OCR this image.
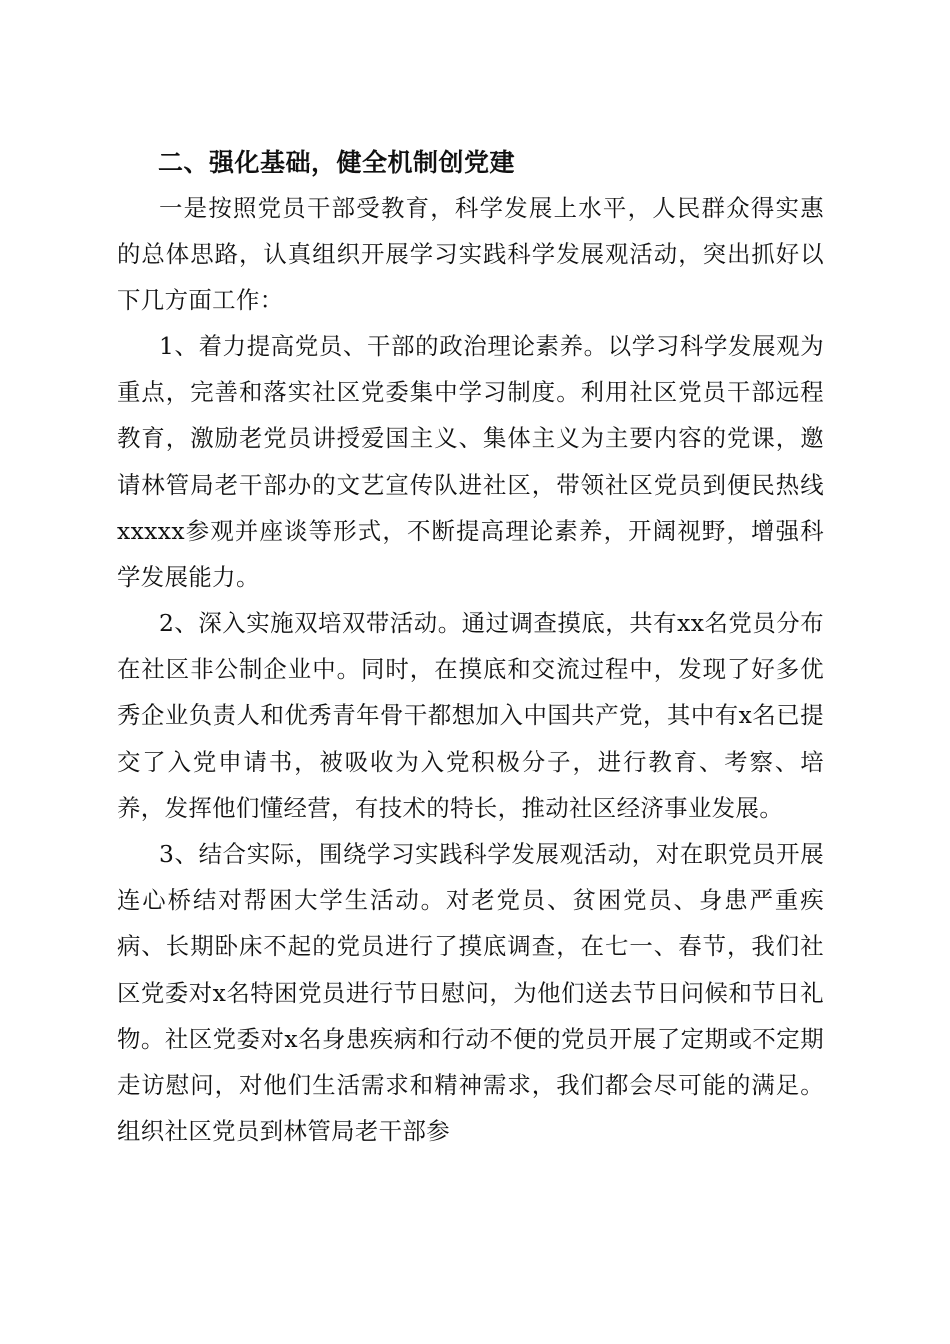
二、强化基础，健全机制创党建

一是按照党员干部受教育，科学发展上水平，人民群众得实惠的总体思路，认真组织开展学习实践科学发展观活动，突出抓好以下几方面工作：

1、着力提高党员、干部的政治理论素养。以学习科学发展观为重点，完善和落实社区党委集中学习制度。利用社区党员干部远程教育，激励老党员讲授爱国主义、集体主义为主要内容的党课，邀请林管局老干部办的文艺宣传队进社区，带领社区党员到便民热线xxxxx参观并座谈等形式，不断提高理论素养，开阔视野，增强科学发展能力。

2、深入实施双培双带活动。通过调查摸底，共有xx名党员分布在社区非公制企业中。同时，在摸底和交流过程中，发现了好多优秀企业负责人和优秀青年骨干都想加入中国共产党，其中有x名已提交了入党申请书，被吸收为入党积极分子，进行教育、考察、培养，发挥他们懂经营，有技术的特长，推动社区经济事业发展。

3、结合实际，围绕学习实践科学发展观活动，对在职党员开展连心桥结对帮困大学生活动。对老党员、贫困党员、身患严重疾病、长期卧床不起的党员进行了摸底调查，在七一、春节，我们社区党委对x名特困党员进行节日慰问，为他们送去节日问候和节日礼物。社区党委对x名身患疾病和行动不便的党员开展了定期或不定期走访慰问，对他们生活需求和精神需求，我们都会尽可能的满足。组织社区党员到林管局老干部参
